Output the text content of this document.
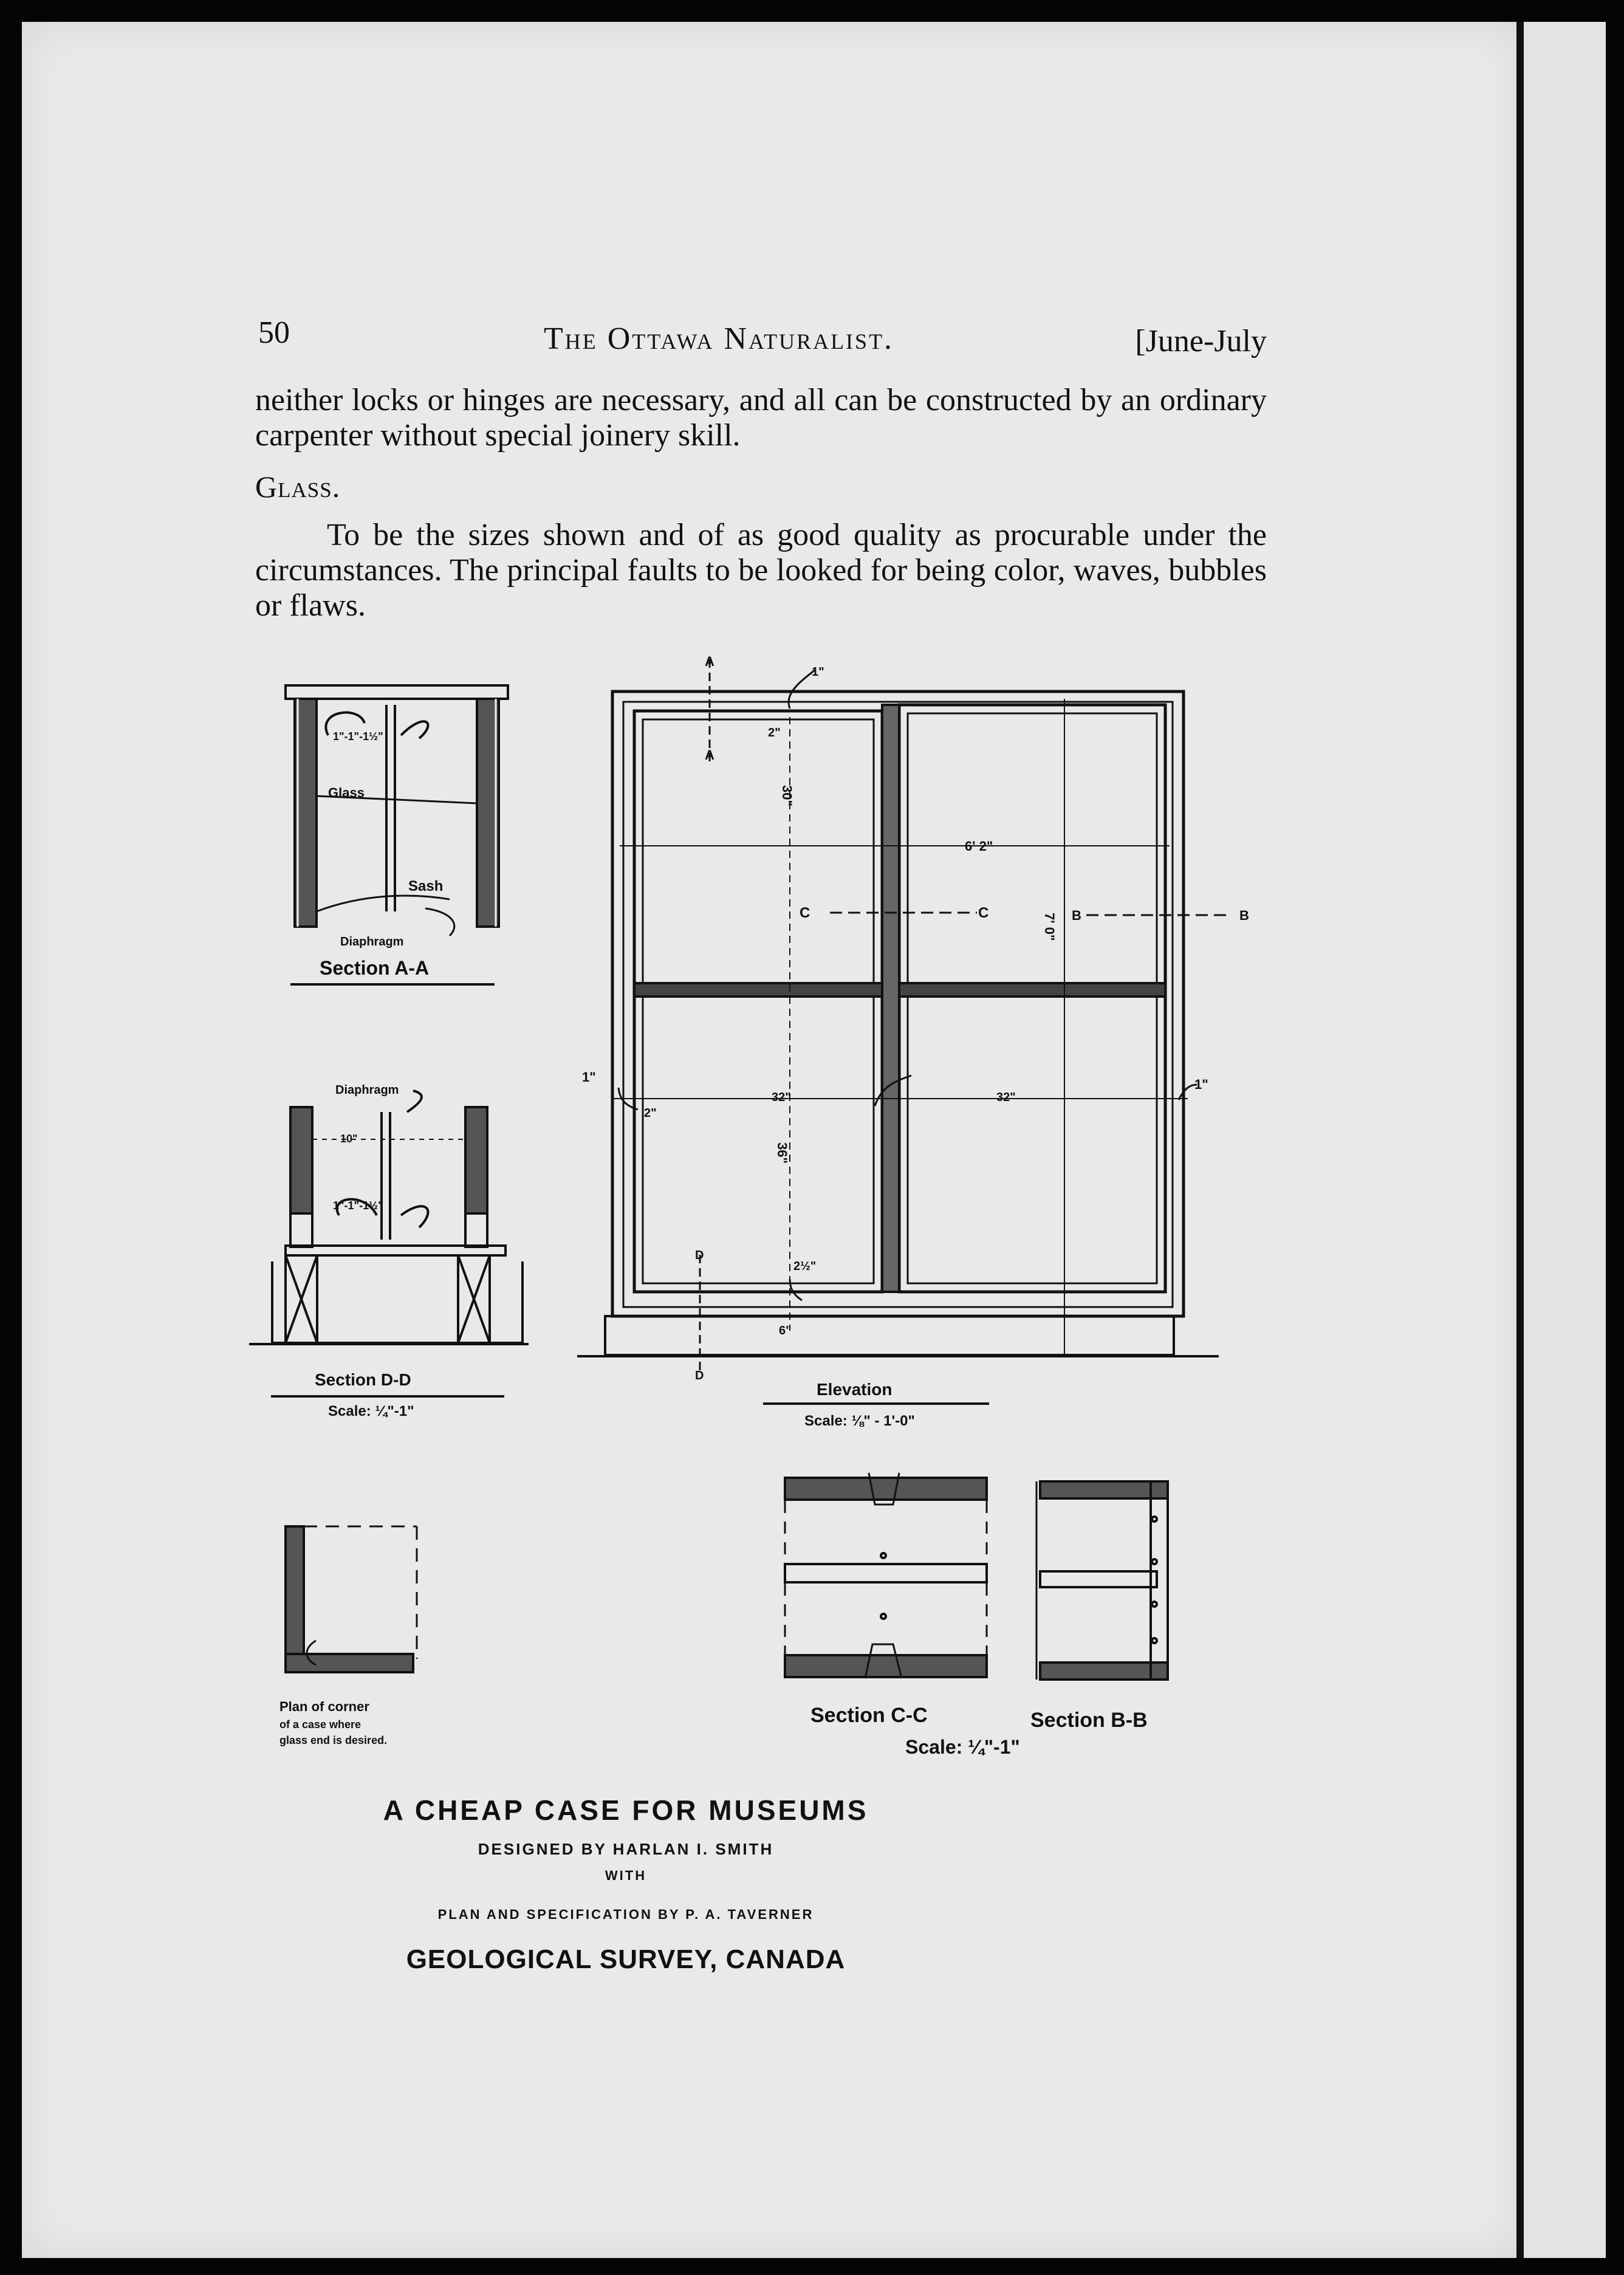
50	The Ottawa Naturalist.	[June-July
neither locks or hinges are necessary, and all can be constructed by an ordinary carpenter without special joinery skill.
Glass.
To be the sizes shown and of as good quality as procurable under the circumstances. The principal faults to be looked for being color, waves, bubbles or flaws.
1"-1"-1½"
Glass
Sash
Diaphragm
Section A-A
Diaphragm
10"
1"-1"-1½"
Section D-D
Scale: ¼"-1"
A
A
D
D
C	C	B	B
6' 2"
7' 0"
30"
36"
32"	32"
2"
2½"
6"
2"
1"	1"
1"
Elevation
Scale: ⅛" - 1'-0"
Plan of corner
of a case where
glass end is desired.
Section C-C	Section B-B
Scale: ¼"-1"
A CHEAP CASE FOR MUSEUMS
DESIGNED BY HARLAN I. SMITH
WITH
PLAN AND SPECIFICATION BY P. A. TAVERNER
GEOLOGICAL SURVEY, CANADA
